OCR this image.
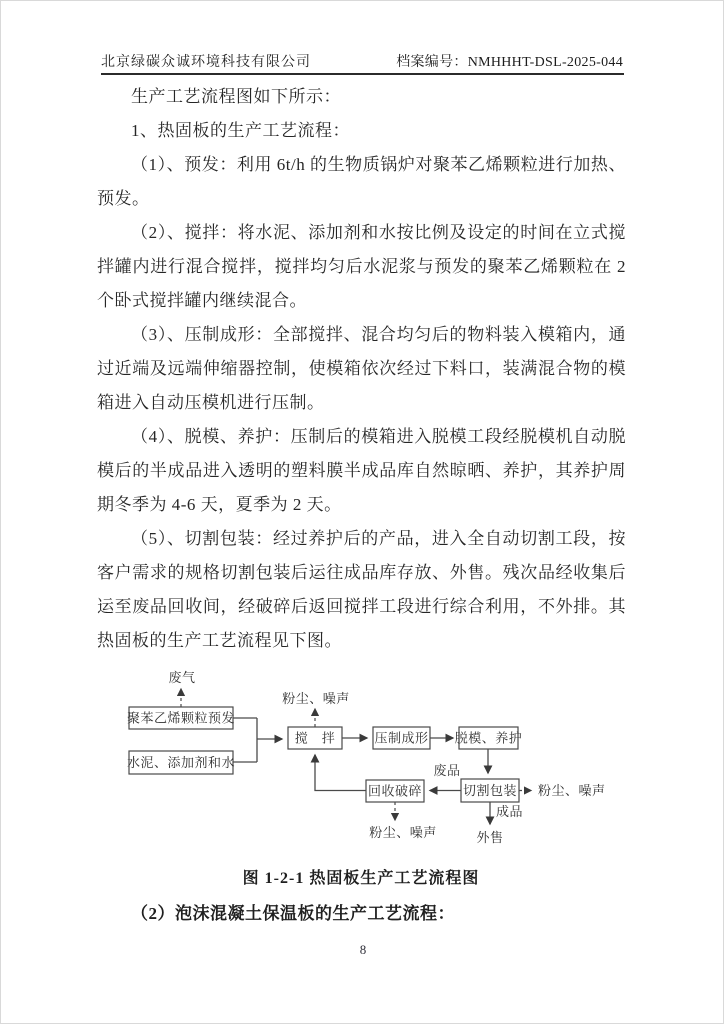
北京绿碳众诚环境科技有限公司	档案编号：NMHHHT-DSL-2025-044

生产工艺流程图如下所示：

1、热固板的生产工艺流程：

（1）、预发：利用 6t/h 的生物质锅炉对聚苯乙烯颗粒进行加热、预发。

（2）、搅拌：将水泥、添加剂和水按比例及设定的时间在立式搅拌罐内进行混合搅拌，搅拌均匀后水泥浆与预发的聚苯乙烯颗粒在 2 个卧式搅拌罐内继续混合。

（3）、压制成形：全部搅拌、混合均匀后的物料装入模箱内，通过近端及远端伸缩器控制，使模箱依次经过下料口，装满混合物的模箱进入自动压模机进行压制。

（4）、脱模、养护：压制后的模箱进入脱模工段经脱模机自动脱模后的半成品进入透明的塑料膜半成品库自然晾晒、养护，其养护周期冬季为 4-6 天，夏季为 2 天。

（5）、切割包装：经过养护后的产品，进入全自动切割工段，按客户需求的规格切割包装后运往成品库存放、外售。残次品经收集后运至废品回收间，经破碎后返回搅拌工段进行综合利用，不外排。其热固板的生产工艺流程见下图。

聚苯乙烯颗粒预发
水泥、添加剂和水
搅　拌	压制成形 脱模、养护
回收破碎	切割包装
废气
粉尘、噪声
废品
粉尘、噪声
粉尘、噪声
成品
外售
图 1-2-1 热固板生产工艺流程图
（2）泡沫混凝土保温板的生产工艺流程：
8
